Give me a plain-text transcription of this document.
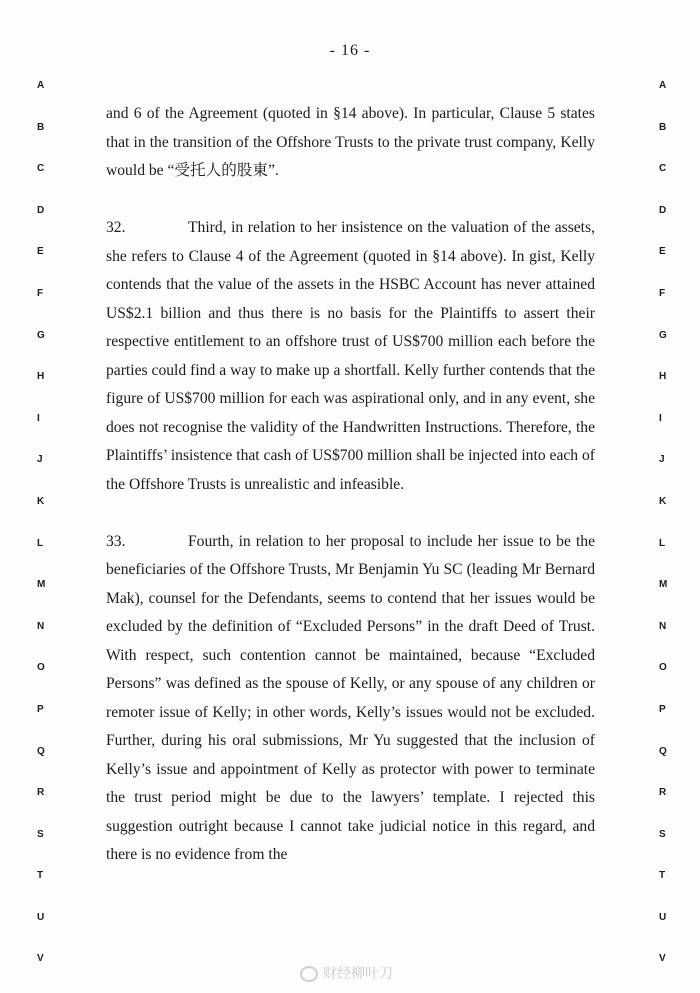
- 16 -
A
B
C
D
E
F
G
H
I
J
K
L
M
N
O
P
Q
R
S
T
U
V
A
B
C
D
E
F
G
H
I
J
K
L
M
N
O
P
Q
R
S
T
U
V

and 6 of the Agreement (quoted in §14 above). In particular, Clause 5 states that in the transition of the Offshore Trusts to the private trust company, Kelly would be “受托人的股東”.

32.	Third, in relation to her insistence on the valuation of the assets, she refers to Clause 4 of the Agreement (quoted in §14 above). In gist, Kelly contends that the value of the assets in the HSBC Account has never attained US$2.1 billion and thus there is no basis for the Plaintiffs to assert their respective entitlement to an offshore trust of US$700 million each before the parties could find a way to make up a shortfall. Kelly further contends that the figure of US$700 million for each was aspirational only, and in any event, she does not recognise the validity of the Handwritten Instructions. Therefore, the Plaintiffs’ insistence that cash of US$700 million shall be injected into each of the Offshore Trusts is unrealistic and infeasible.

33.	Fourth, in relation to her proposal to include her issue to be the beneficiaries of the Offshore Trusts, Mr Benjamin Yu SC (leading Mr Bernard Mak), counsel for the Defendants, seems to contend that her issues would be excluded by the definition of “Excluded Persons” in the draft Deed of Trust. With respect, such contention cannot be maintained, because “Excluded Persons” was defined as the spouse of Kelly, or any spouse of any children or remoter issue of Kelly; in other words, Kelly’s issues would not be excluded. Further, during his oral submissions, Mr Yu suggested that the inclusion of Kelly’s issue and appointment of Kelly as protector with power to terminate the trust period might be due to the lawyers’ template. I rejected this suggestion outright because I cannot take judicial notice in this regard, and there is no evidence from the

财经柳叶刀
